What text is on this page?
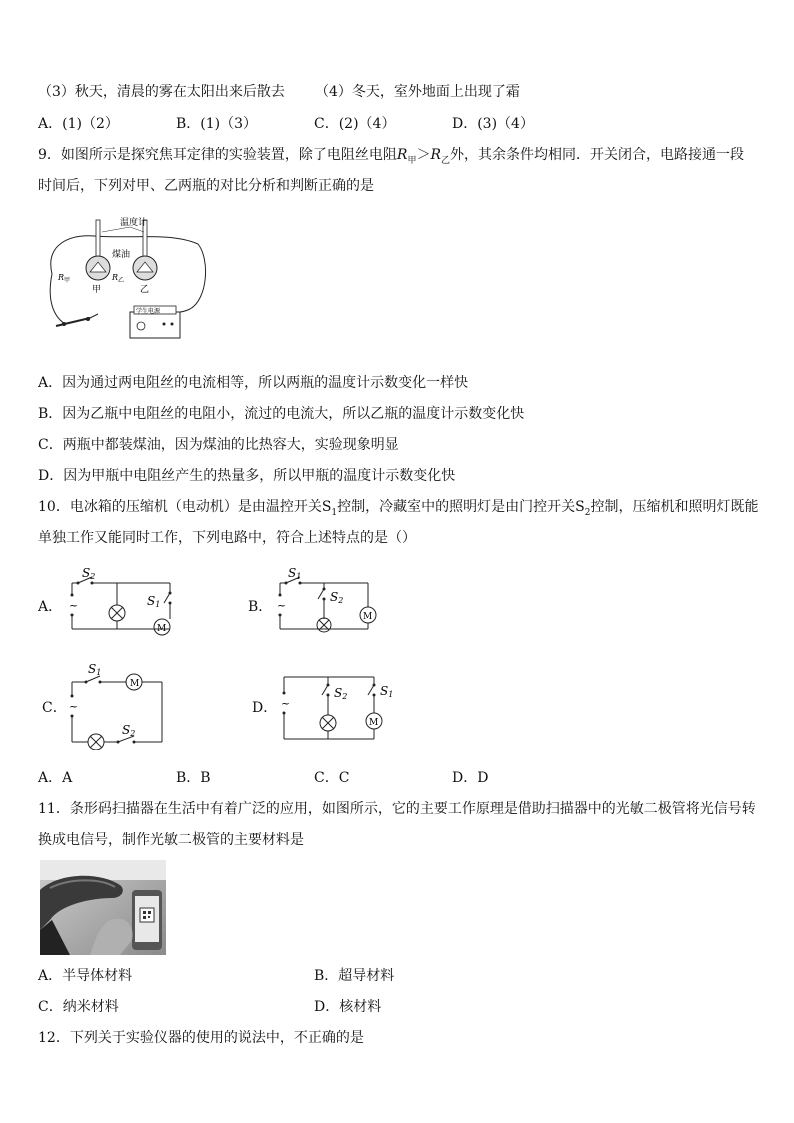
（3）秋天，清晨的雾在太阳出来后散去 （4）冬天，室外地面上出现了霜
A．(1)（2）	B．(1)（3）	C．(2)（4）	D．(3)（4）
9．如图所示是探究焦耳定律的实验装置，除了电阻丝电阻$R_甲>R_乙$外，其余条件均相同．开关闭合，电路接通一段
时间后，下列对甲、乙两瓶的对比分析和判断正确的是
温度计
煤油
$R_甲$	$R_乙$
甲	乙
学生电源
A．因为通过两电阻丝的电流相等，所以两瓶的温度计示数变化一样快
B．因为乙瓶中电阻丝的电阻小，流过的电流大，所以乙瓶的温度计示数变化快
C．两瓶中都装煤油，因为煤油的比热容大，实验现象明显
D．因为甲瓶中电阻丝产生的热量多，所以甲瓶的温度计示数变化快
10．电冰箱的压缩机（电动机）是由温控开关$S_1$控制，冷藏室中的照明灯是由门控开关$S_2$控制，压缩机和照明灯既能
单独工作又能同时工作，下列电路中，符合上述特点的是（）
A． ~
S2
S1
M
B． ~
S1
S2
M
C． ~
S1
M
S2
D． ~
S2	S1
M
A．A	B．B	C．C	D．D
11．条形码扫描器在生活中有着广泛的应用，如图所示，它的主要工作原理是借助扫描器中的光敏二极管将光信号转
换成电信号，制作光敏二极管的主要材料是
A．半导体材料	B．超导材料
C．纳米材料	D．核材料
12．下列关于实验仪器的使用的说法中，不正确的是
